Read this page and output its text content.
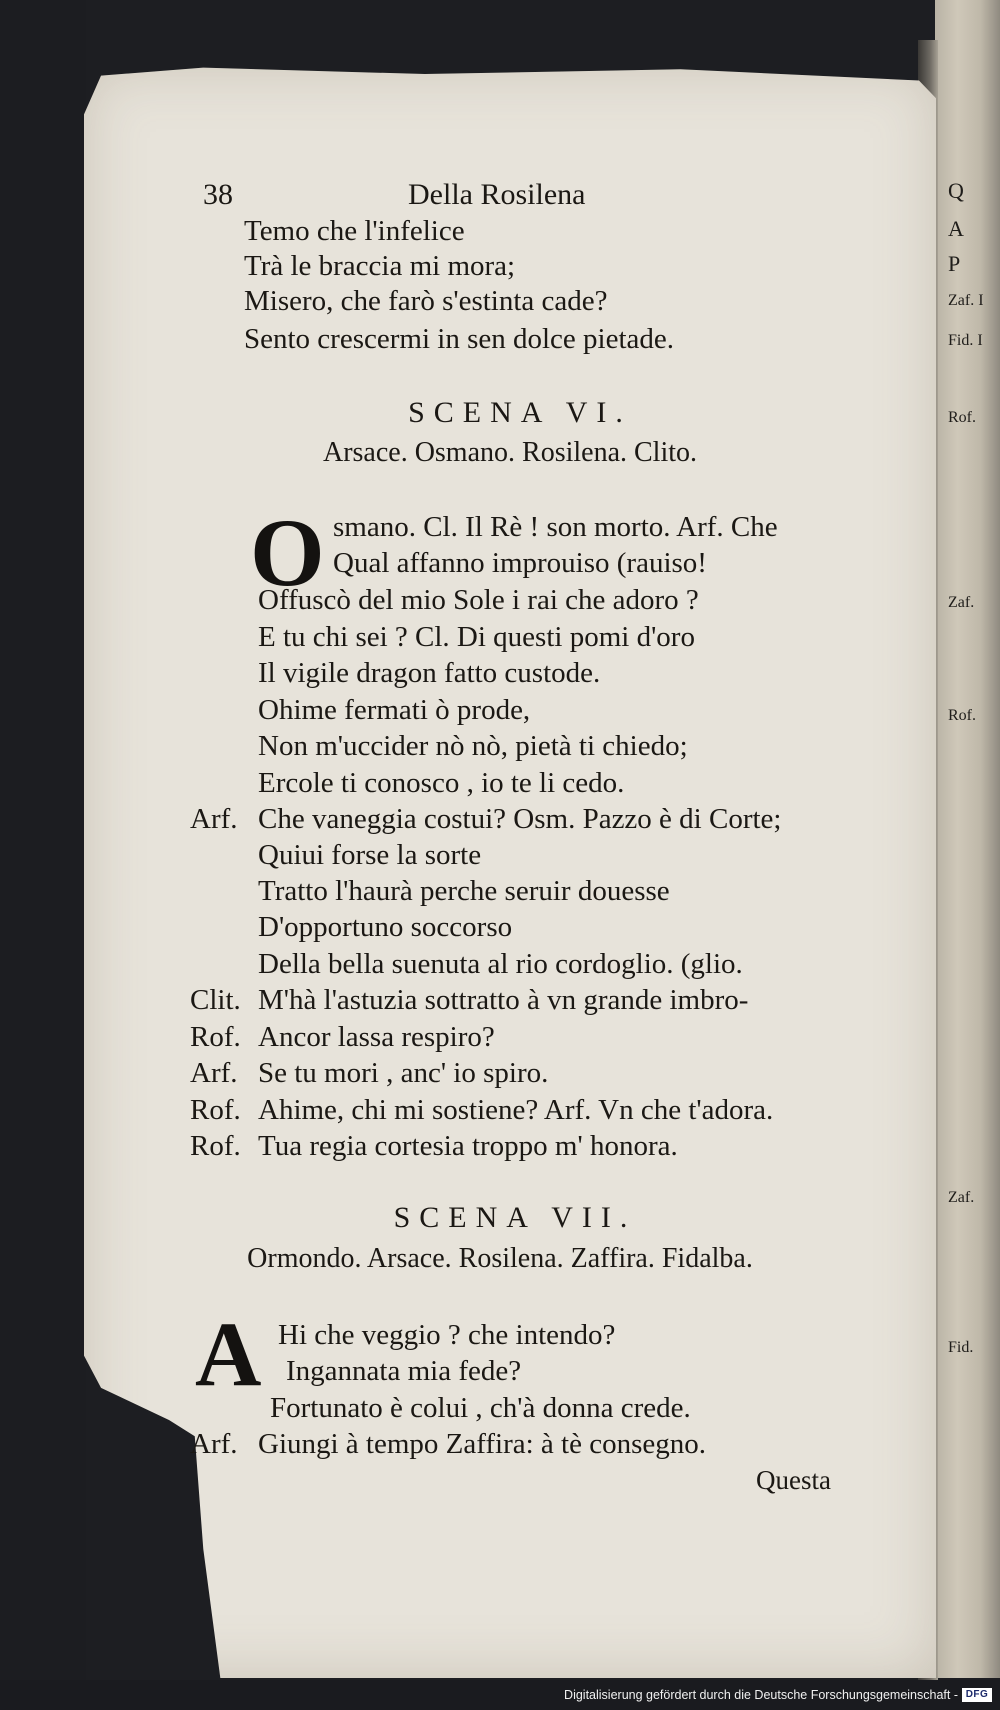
Q
A
P
Zaf. I
Fid. I
Rof.
Zaf.
Rof.
Zaf.
Fid.
38	Della Rosilena
Temo che l'infelice
Trà le braccia mi mora;
Misero, che farò s'estinta cade?
Sento crescermi in sen dolce pietade.
SCENA VI.
Arsace. Osmano. Rosilena. Clito.
O smano. Cl. Il Rè ! son morto. Arf. Che
Qual affanno improuiso (rauiso!
Offuscò del mio Sole i rai che adoro ?
E tu chi sei ? Cl. Di questi pomi d'oro
Il vigile dragon fatto custode.
Ohime fermati ò prode,
Non m'uccider nò nò, pietà ti chiedo;
Ercole ti conosco , io te li cedo.
Arf. Che vaneggia costui? Osm. Pazzo è di Corte;
Quiui forse la sorte
Tratto l'haurà perche seruir douesse
D'opportuno soccorso
Della bella suenuta al rio cordoglio. (glio.
Clit. M'hà l'astuzia sottratto à vn grande imbro-
Rof. Ancor lassa respiro?
Arf. Se tu mori , anc' io spiro.
Rof. Ahime, chi mi sostiene? Arf. Vn che t'adora.
Rof. Tua regia cortesia troppo m' honora.
SCENA VII.
Ormondo. Arsace. Rosilena. Zaffira. Fidalba.
A Hi che veggio ? che intendo?
Ingannata mia fede?
Fortunato è colui , ch'à donna crede.
Arf. Giungi à tempo Zaffira: à tè consegno.
Questa
Digitalisierung gefördert durch die Deutsche Forschungsgemeinschaft - DFG
